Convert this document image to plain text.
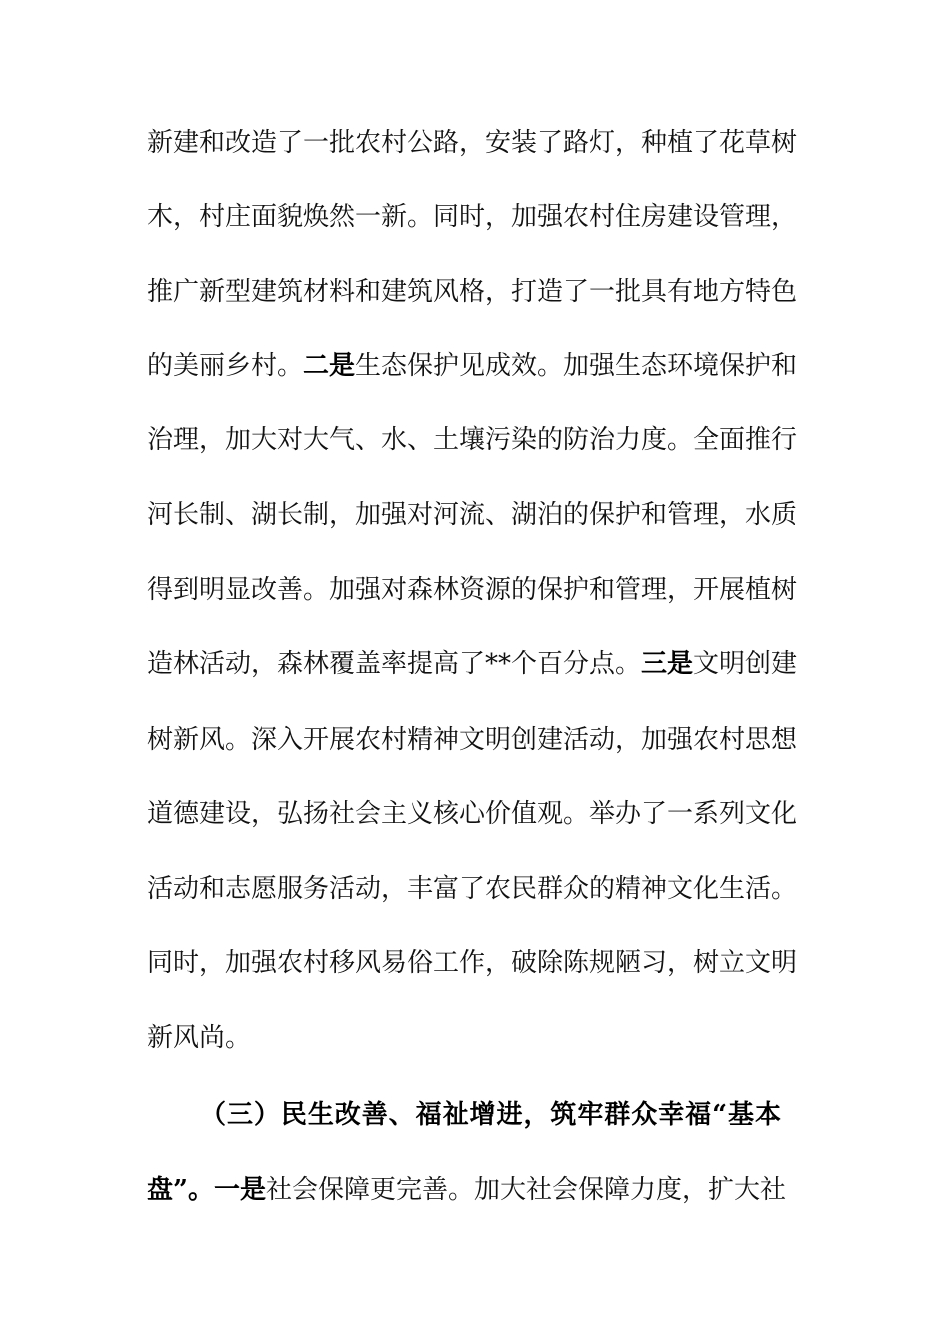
新建和改造了一批农村公路，安装了路灯，种植了花草树
木，村庄面貌焕然一新。同时，加强农村住房建设管理，
推广新型建筑材料和建筑风格，打造了一批具有地方特色
的美丽乡村。二是生态保护见成效。加强生态环境保护和
治理，加大对大气、水、土壤污染的防治力度。全面推行
河长制、湖长制，加强对河流、湖泊的保护和管理，水质
得到明显改善。加强对森林资源的保护和管理，开展植树
造林活动，森林覆盖率提高了**个百分点。三是文明创建
树新风。深入开展农村精神文明创建活动，加强农村思想
道德建设，弘扬社会主义核心价值观。举办了一系列文化
活动和志愿服务活动，丰富了农民群众的精神文化生活。
同时，加强农村移风易俗工作，破除陈规陋习，树立文明
新风尚。
（三）民生改善、福祉增进，筑牢群众幸福“基本
盘”。一是社会保障更完善。加大社会保障力度，扩大社
